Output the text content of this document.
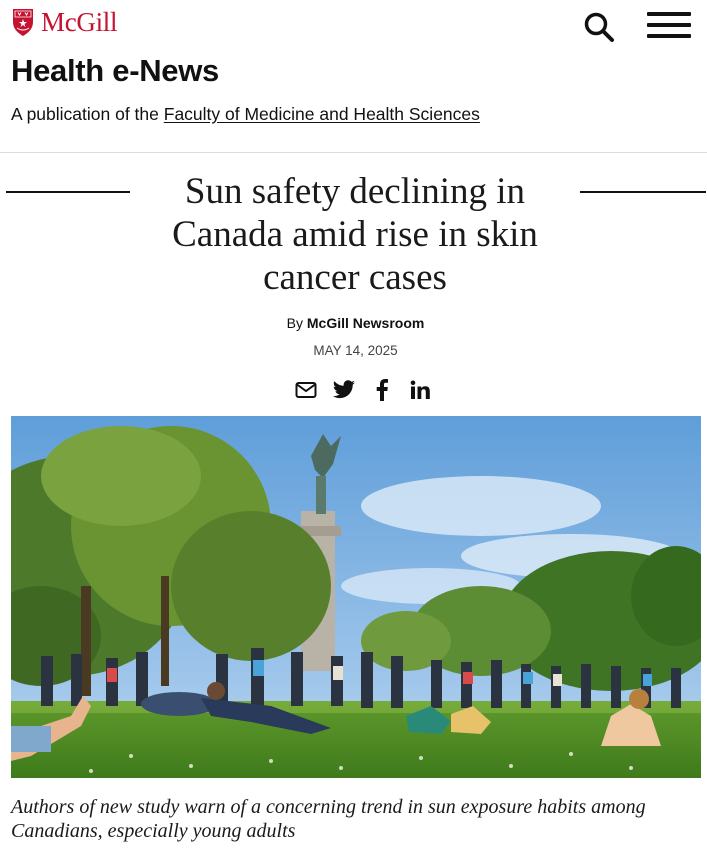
McGill
Health e-News
A publication of the Faculty of Medicine and Health Sciences
Sun safety declining in Canada amid rise in skin cancer cases
By McGill Newsroom
MAY 14, 2025

Authors of new study warn of a concerning trend in sun exposure habits among Canadians, especially young adults
